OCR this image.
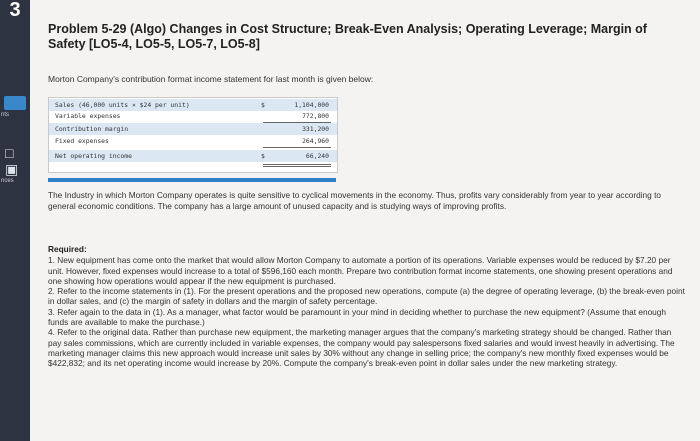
3
nts
□
▣
nces
Problem 5-29 (Algo) Changes in Cost Structure; Break-Even Analysis; Operating Leverage; Margin of Safety [LO5-4, LO5-5, LO5-7, LO5-8]
Morton Company's contribution format income statement for last month is given below:
Sales (46,000 units × $24 per unit)	$	1,104,000
Variable expenses	772,800
Contribution margin	331,200
Fixed expenses	264,960
Net operating income	$	66,240
The Industry in which Morton Company operates is quite sensitive to cyclical movements in the economy. Thus, profits vary considerably from year to year according to general economic conditions. The company has a large amount of unused capacity and is studying ways of improving profits.
Required:

1. New equipment has come onto the market that would allow Morton Company to automate a portion of its operations. Variable expenses would be reduced by $7.20 per unit. However, fixed expenses would increase to a total of $596,160 each month. Prepare two contribution format income statements, one showing present operations and one showing how operations would appear if the new equipment is purchased.

2. Refer to the income statements in (1). For the present operations and the proposed new operations, compute (a) the degree of operating leverage, (b) the break-even point in dollar sales, and (c) the margin of safety in dollars and the margin of safety percentage.

3. Refer again to the data in (1). As a manager, what factor would be paramount in your mind in deciding whether to purchase the new equipment? (Assume that enough funds are available to make the purchase.)

4. Refer to the original data. Rather than purchase new equipment, the marketing manager argues that the company's marketing strategy should be changed. Rather than pay sales commissions, which are currently included in variable expenses, the company would pay salespersons fixed salaries and would invest heavily in advertising. The marketing manager claims this new approach would increase unit sales by 30% without any change in selling price; the company's new monthly fixed expenses would be $422,832; and its net operating income would increase by 20%. Compute the company's break-even point in dollar sales under the new marketing strategy.
